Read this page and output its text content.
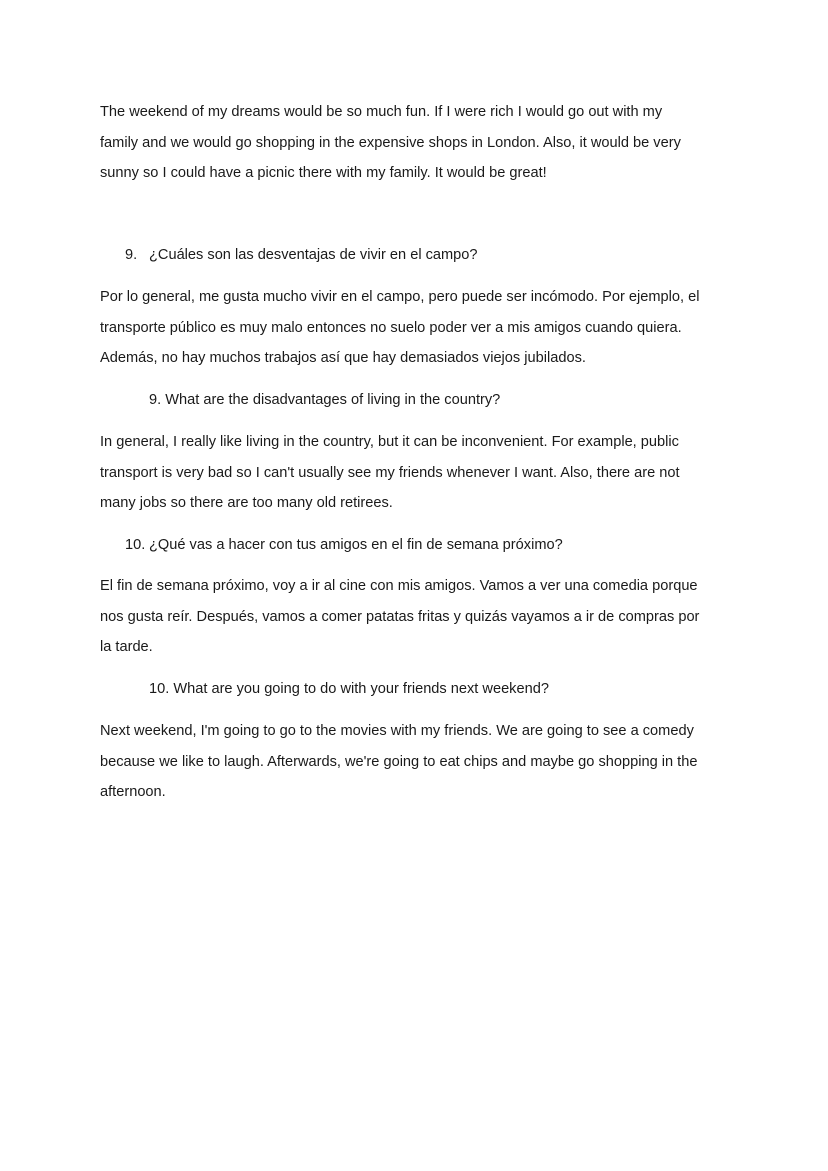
The weekend of my dreams would be so much fun. If I were rich I would go out with my
family and we would go shopping in the expensive shops in London. Also, it would be very
sunny so I could have a picnic there with my family. It would be great!

9. ¿Cuáles son las desventajas de vivir en el campo?

Por lo general, me gusta mucho vivir en el campo, pero puede ser incómodo. Por ejemplo, el
transporte público es muy malo entonces no suelo poder ver a mis amigos cuando quiera.
Además, no hay muchos trabajos así que hay demasiados viejos jubilados.

9. What are the disadvantages of living in the country?

In general, I really like living in the country, but it can be inconvenient. For example, public
transport is very bad so I can't usually see my friends whenever I want. Also, there are not
many jobs so there are too many old retirees.

10. ¿Qué vas a hacer con tus amigos en el fin de semana próximo?

El fin de semana próximo, voy a ir al cine con mis amigos. Vamos a ver una comedia porque
nos gusta reír. Después, vamos a comer patatas fritas y quizás vayamos a ir de compras por
la tarde.

10. What are you going to do with your friends next weekend?

Next weekend, I'm going to go to the movies with my friends. We are going to see a comedy
because we like to laugh. Afterwards, we're going to eat chips and maybe go shopping in the
afternoon.
